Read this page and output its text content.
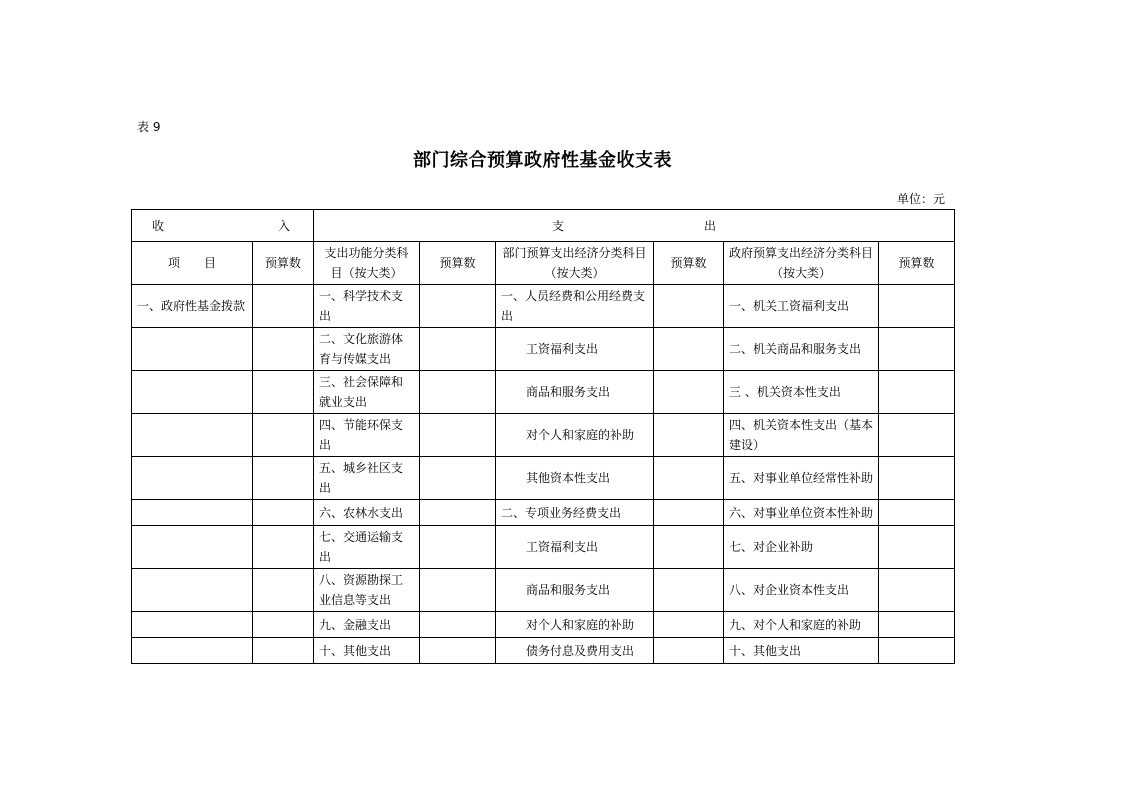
表 9
部门综合预算政府性基金收支表
单位：元
收 入		支 出					
项　　目	预算数	支出功能分类科目（按大类）	预算数	部门预算支出经济分类科目（按大类）	预算数	政府预算支出经济分类科目（按大类）	预算数
一、政府性基金拨款		一、科学技术支出		一、人员经费和公用经费支出		一、机关工资福利支出	
		二、文化旅游体育与传媒支出		工资福利支出		二、机关商品和服务支出	
		三、社会保障和就业支出		商品和服务支出		三 、机关资本性支出	
		四、节能环保支出		对个人和家庭的补助		四、机关资本性支出（基本建设）	
		五、城乡社区支出		其他资本性支出		五、对事业单位经常性补助	
		六、农林水支出		二、专项业务经费支出		六、对事业单位资本性补助	
		七、交通运输支出		工资福利支出		七、对企业补助	
		八、资源勘探工业信息等支出		商品和服务支出		八、对企业资本性支出	
		九、金融支出		对个人和家庭的补助		九、对个人和家庭的补助	
		十、其他支出		债务付息及费用支出		十、其他支出	
